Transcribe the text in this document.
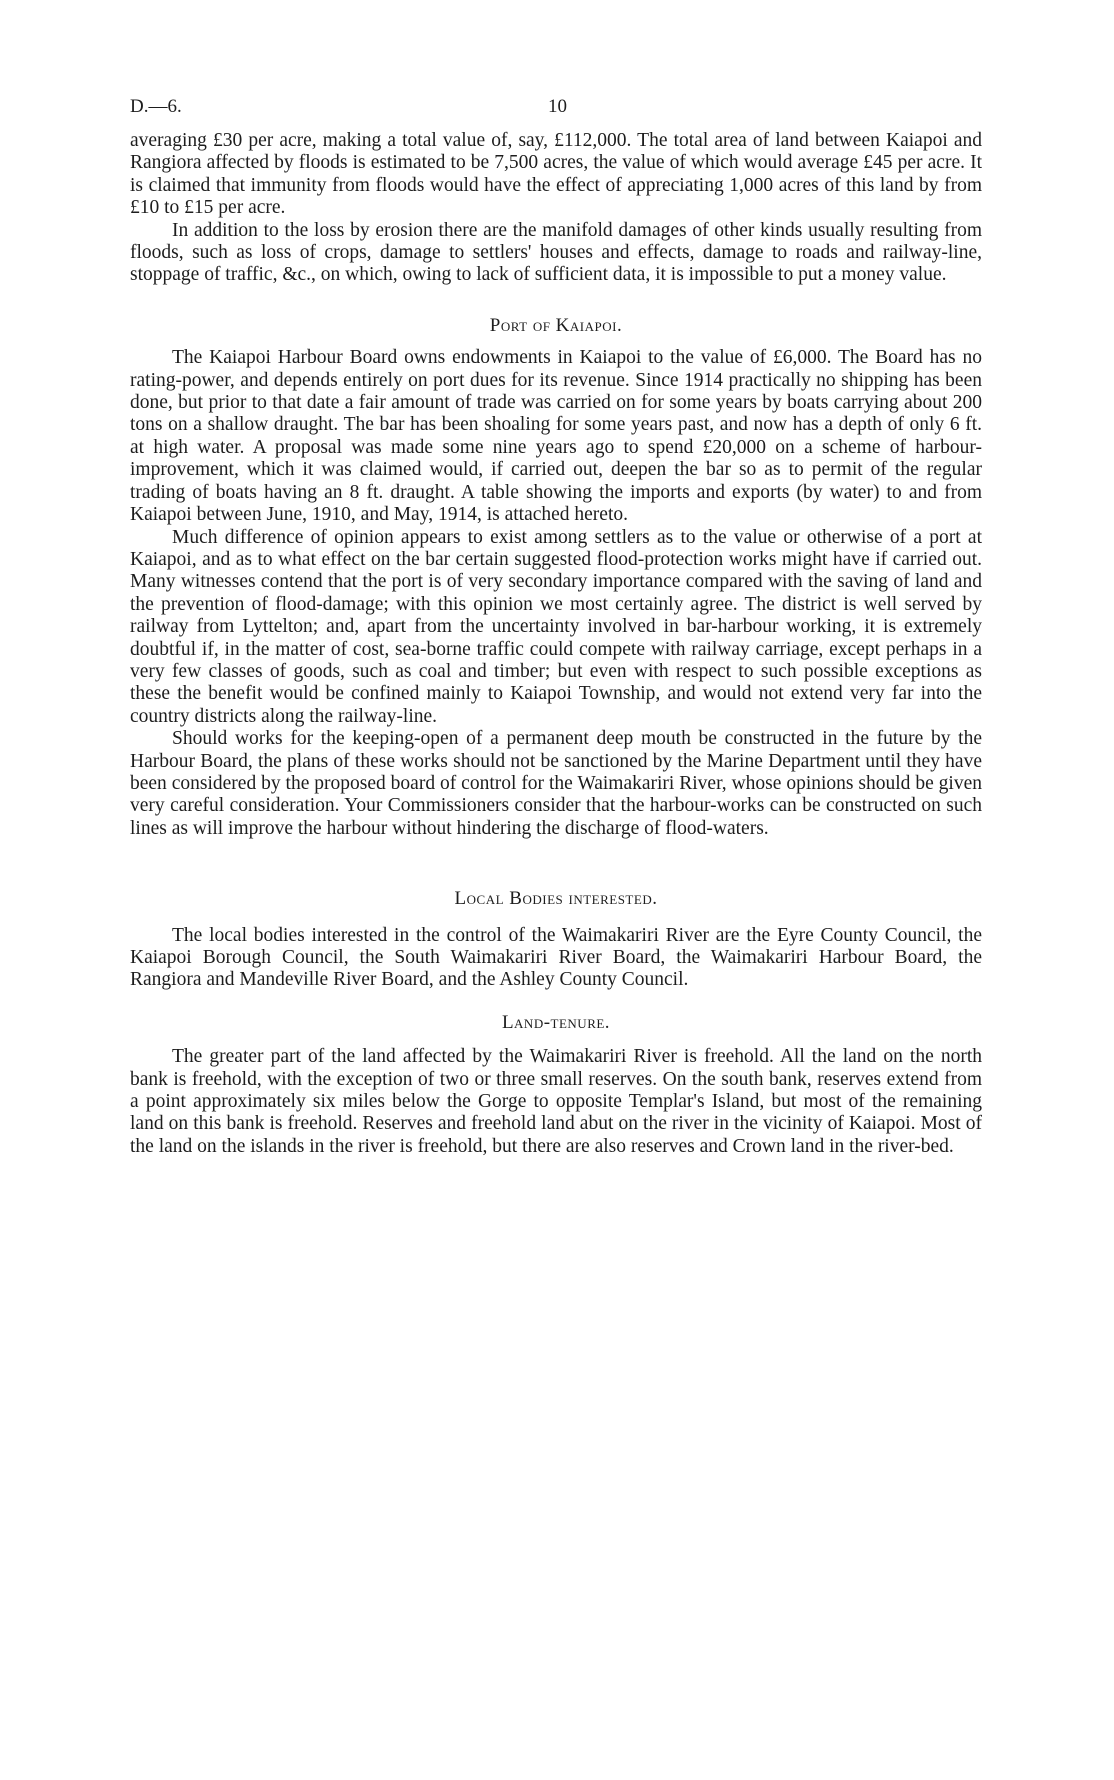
D.—6.	10

averaging £30 per acre, making a total value of, say, £112,000. The total area of land between Kaiapoi and Rangiora affected by floods is estimated to be 7,500 acres, the value of which would average £45 per acre. It is claimed that immunity from floods would have the effect of appreciating 1,000 acres of this land by from £10 to £15 per acre.

In addition to the loss by erosion there are the manifold damages of other kinds usually resulting from floods, such as loss of crops, damage to settlers' houses and effects, damage to roads and railway-line, stoppage of traffic, &c., on which, owing to lack of sufficient data, it is impossible to put a money value.

Port of Kaiapoi.

The Kaiapoi Harbour Board owns endowments in Kaiapoi to the value of £6,000. The Board has no rating-power, and depends entirely on port dues for its revenue. Since 1914 practically no shipping has been done, but prior to that date a fair amount of trade was carried on for some years by boats carrying about 200 tons on a shallow draught. The bar has been shoaling for some years past, and now has a depth of only 6 ft. at high water. A proposal was made some nine years ago to spend £20,000 on a scheme of harbour-improvement, which it was claimed would, if carried out, deepen the bar so as to permit of the regular trading of boats having an 8 ft. draught. A table showing the imports and exports (by water) to and from Kaiapoi between June, 1910, and May, 1914, is attached hereto.

Much difference of opinion appears to exist among settlers as to the value or otherwise of a port at Kaiapoi, and as to what effect on the bar certain suggested flood-protection works might have if carried out. Many witnesses contend that the port is of very secondary importance compared with the saving of land and the prevention of flood-damage; with this opinion we most certainly agree. The district is well served by railway from Lyttelton; and, apart from the uncertainty involved in bar-harbour working, it is extremely doubtful if, in the matter of cost, sea-borne traffic could compete with railway carriage, except perhaps in a very few classes of goods, such as coal and timber; but even with respect to such possible exceptions as these the benefit would be confined mainly to Kaiapoi Township, and would not extend very far into the country districts along the railway-line.

Should works for the keeping-open of a permanent deep mouth be constructed in the future by the Harbour Board, the plans of these works should not be sanctioned by the Marine Department until they have been considered by the proposed board of control for the Waimakariri River, whose opinions should be given very careful consideration. Your Commissioners consider that the harbour-works can be constructed on such lines as will improve the harbour without hindering the discharge of flood-waters.

Local Bodies interested.

The local bodies interested in the control of the Waimakariri River are the Eyre County Council, the Kaiapoi Borough Council, the South Waimakariri River Board, the Waimakariri Harbour Board, the Rangiora and Mandeville River Board, and the Ashley County Council.

Land-tenure.

The greater part of the land affected by the Waimakariri River is freehold. All the land on the north bank is freehold, with the exception of two or three small reserves. On the south bank, reserves extend from a point approximately six miles below the Gorge to opposite Templar's Island, but most of the remaining land on this bank is freehold. Reserves and freehold land abut on the river in the vicinity of Kaiapoi. Most of the land on the islands in the river is freehold, but there are also reserves and Crown land in the river-bed.
